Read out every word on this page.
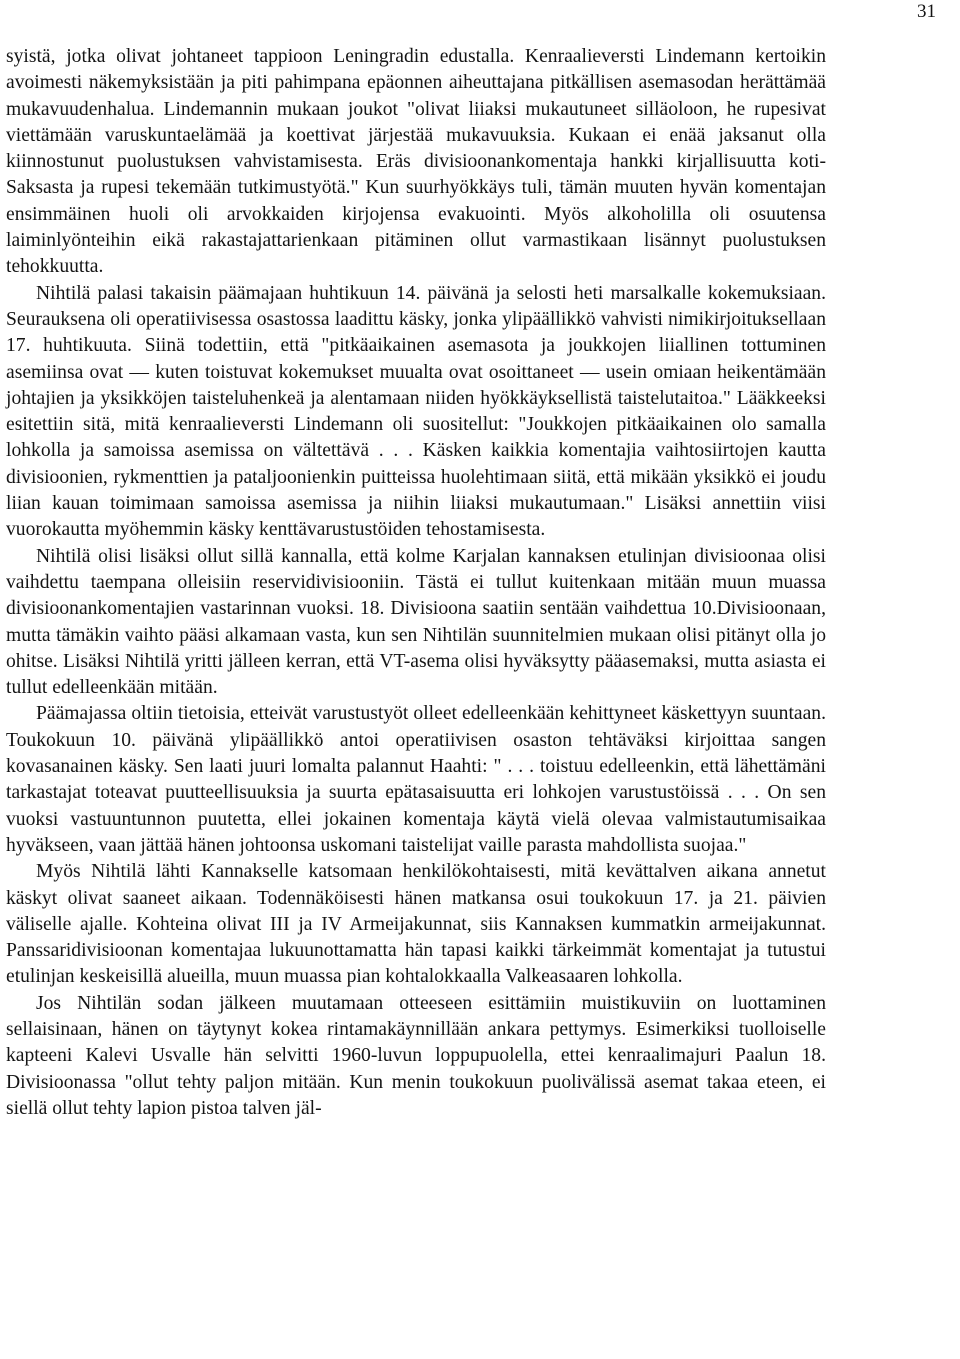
31

syistä, jotka olivat johtaneet tappioon Leningradin edustalla. Kenraalieversti Lindemann kertoikin avoimesti näkemyksistään ja piti pahimpana epäonnen aiheuttajana pitkällisen asemasodan herättämää mukavuudenhalua. Lindemannin mukaan joukot "olivat liiaksi mukautuneet silläoloon, he rupesivat viettämään varuskuntaelämää ja koettivat järjestää mukavuuksia. Kukaan ei enää jaksanut olla kiinnostunut puolustuksen vahvistamisesta. Eräs divisioonankomentaja hankki kirjallisuutta koti-Saksasta ja rupesi tekemään tutkimustyötä." Kun suurhyökkäys tuli, tämän muuten hyvän komentajan ensimmäinen huoli oli arvokkaiden kirjojensa evakuointi. Myös alkoholilla oli osuutensa laiminlyönteihin eikä rakastajattarienkaan pitäminen ollut varmastikaan lisännyt puolustuksen tehokkuutta.

Nihtilä palasi takaisin päämajaan huhtikuun 14. päivänä ja selosti heti marsalkalle kokemuksiaan. Seurauksena oli operatiivisessa osastossa laadittu käsky, jonka ylipäällikkö vahvisti nimikirjoituksellaan 17. huhtikuuta. Siinä todettiin, että "pitkäaikainen asemasota ja joukkojen liiallinen tottuminen asemiinsa ovat — kuten toistuvat kokemukset muualta ovat osoittaneet — usein omiaan heikentämään johtajien ja yksikköjen taisteluhenkeä ja alentamaan niiden hyökkäyksellistä taistelutaitoa." Lääkkeeksi esitettiin sitä, mitä kenraalieversti Lindemann oli suositellut: "Joukkojen pitkäaikainen olo samalla lohkolla ja samoissa asemissa on vältettävä . . . Käsken kaikkia komentajia vaihtosiirtojen kautta divisioonien, rykmenttien ja pataljoonienkin puitteissa huolehtimaan siitä, että mikään yksikkö ei joudu liian kauan toimimaan samoissa asemissa ja niihin liiaksi mukautumaan." Lisäksi annettiin viisi vuorokautta myöhemmin käsky kenttävarustustöiden tehostamisesta.

Nihtilä olisi lisäksi ollut sillä kannalla, että kolme Karjalan kannaksen etulinjan divisioonaa olisi vaihdettu taempana olleisiin reservidivisiooniin. Tästä ei tullut kuitenkaan mitään muun muassa divisioonankomentajien vastarinnan vuoksi. 18. Divisioona saatiin sentään vaihdettua 10.Divisioonaan, mutta tämäkin vaihto pääsi alkamaan vasta, kun sen Nihtilän suunnitelmien mukaan olisi pitänyt olla jo ohitse. Lisäksi Nihtilä yritti jälleen kerran, että VT-asema olisi hyväksytty pääasemaksi, mutta asiasta ei tullut edelleenkään mitään.

Päämajassa oltiin tietoisia, etteivät varustustyöt olleet edelleenkään kehittyneet käskettyyn suuntaan. Toukokuun 10. päivänä ylipäällikkö antoi operatiivisen osaston tehtäväksi kirjoittaa sangen kovasanainen käsky. Sen laati juuri lomalta palannut Haahti: " . . . toistuu edelleenkin, että lähettämäni tarkastajat toteavat puutteellisuuksia ja suurta epätasaisuutta eri lohkojen varustustöissä . . . On sen vuoksi vastuuntunnon puutetta, ellei jokainen komentaja käytä vielä olevaa valmistautumisaikaa hyväkseen, vaan jättää hänen johtoonsa uskomani taistelijat vaille parasta mahdollista suojaa."

Myös Nihtilä lähti Kannakselle katsomaan henkilökohtaisesti, mitä kevättalven aikana annetut käskyt olivat saaneet aikaan. Todennäköisesti hänen matkansa osui toukokuun 17. ja 21. päivien väliselle ajalle. Kohteina olivat III ja IV Armeijakunnat, siis Kannaksen kummatkin armeijakunnat. Panssaridivisioonan komentajaa lukuunottamatta hän tapasi kaikki tärkeimmät komentajat ja tutustui etulinjan keskeisillä alueilla, muun muassa pian kohtalokkaalla Valkeasaaren lohkolla.

Jos Nihtilän sodan jälkeen muutamaan otteeseen esittämiin muistikuviin on luottaminen sellaisinaan, hänen on täytynyt kokea rintamakäynnillään ankara pettymys. Esimerkiksi tuolloiselle kapteeni Kalevi Usvalle hän selvitti 1960-luvun loppupuolella, ettei kenraalimajuri Paalun 18. Divisioonassa "ollut tehty paljon mitään. Kun menin toukokuun puolivälissä asemat takaa eteen, ei siellä ollut tehty lapion pistoa talven jäl-
